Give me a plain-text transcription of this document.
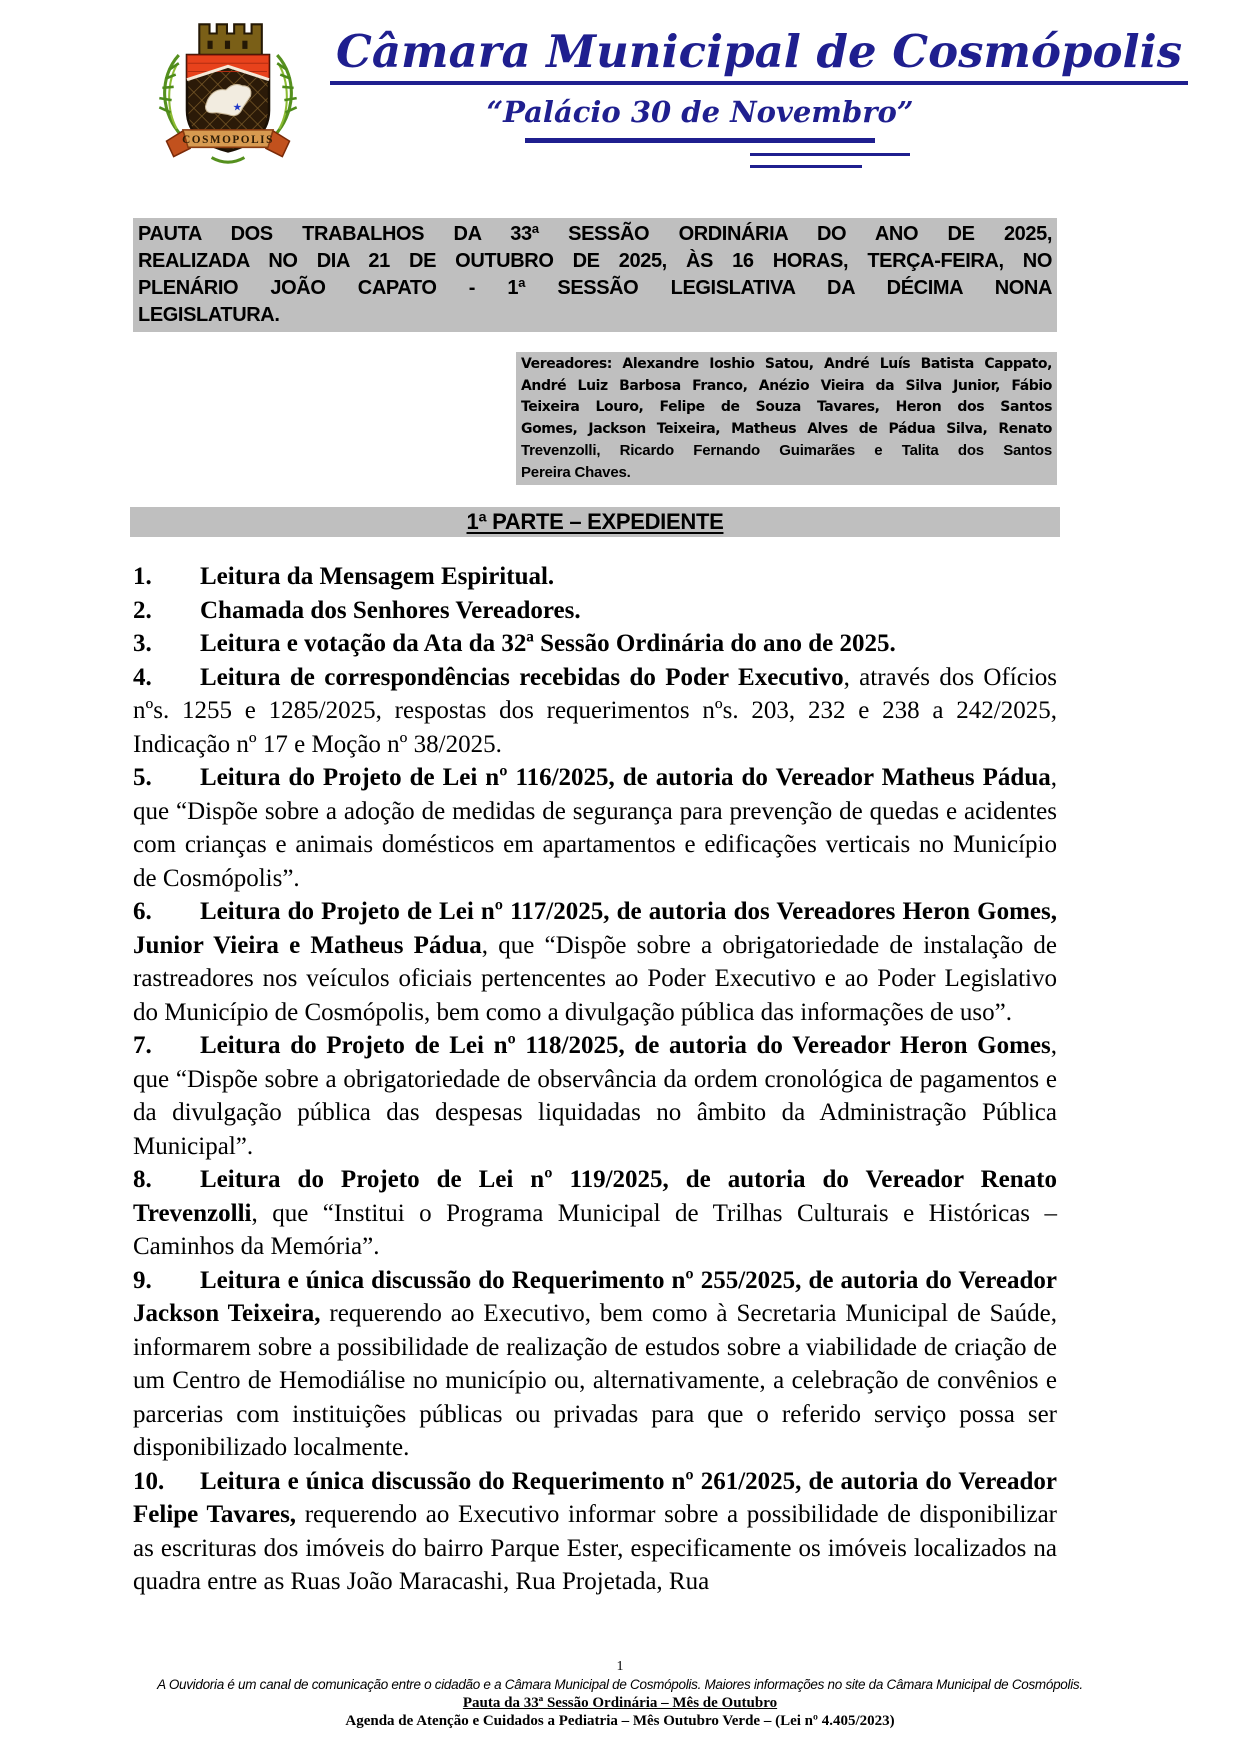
★
COSMOPOLIS
Câmara Municipal de Cosmópolis
“Palácio 30 de Novembro”
PAUTA DOS TRABALHOS DA 33ª SESSÃO ORDINÁRIA DO ANO DE 2025,
REALIZADA NO DIA 21 DE OUTUBRO DE 2025, ÀS 16 HORAS, TERÇA-FEIRA, NO
PLENÁRIO JOÃO CAPATO - 1ª SESSÃO LEGISLATIVA DA DÉCIMA NONA
LEGISLATURA.
Vereadores: Alexandre Ioshio Satou, André Luís Batista Cappato,
André Luiz Barbosa Franco, Anézio Vieira da Silva Junior, Fábio
Teixeira Louro, Felipe de Souza Tavares, Heron dos Santos
Gomes, Jackson Teixeira, Matheus Alves de Pádua Silva, Renato
Trevenzolli, Ricardo Fernando Guimarães e Talita dos Santos
Pereira Chaves.
1ª PARTE – EXPEDIENTE
1. Leitura da Mensagem Espiritual.
2. Chamada dos Senhores Vereadores.
3. Leitura e votação da Ata da 32ª Sessão Ordinária do ano de 2025.
4. Leitura de correspondências recebidas do Poder Executivo, através dos Ofícios nºs. 1255 e 1285/2025, respostas dos requerimentos nºs. 203, 232 e 238 a 242/2025, Indicação nº 17 e Moção nº 38/2025.
5. Leitura do Projeto de Lei nº 116/2025, de autoria do Vereador Matheus Pádua, que “Dispõe sobre a adoção de medidas de segurança para prevenção de quedas e acidentes com crianças e animais domésticos em apartamentos e edificações verticais no Município de Cosmópolis”.
6. Leitura do Projeto de Lei nº 117/2025, de autoria dos Vereadores Heron Gomes, Junior Vieira e Matheus Pádua, que “Dispõe sobre a obrigatoriedade de instalação de rastreadores nos veículos oficiais pertencentes ao Poder Executivo e ao Poder Legislativo do Município de Cosmópolis, bem como a divulgação pública das informações de uso”.
7. Leitura do Projeto de Lei nº 118/2025, de autoria do Vereador Heron Gomes, que “Dispõe sobre a obrigatoriedade de observância da ordem cronológica de pagamentos e da divulgação pública das despesas liquidadas no âmbito da Administração Pública Municipal”.
8. Leitura do Projeto de Lei nº 119/2025, de autoria do Vereador Renato Trevenzolli, que “Institui o Programa Municipal de Trilhas Culturais e Históricas – Caminhos da Memória”.
9. Leitura e única discussão do Requerimento nº 255/2025, de autoria do Vereador Jackson Teixeira, requerendo ao Executivo, bem como à Secretaria Municipal de Saúde, informarem sobre a possibilidade de realização de estudos sobre a viabilidade de criação de um Centro de Hemodiálise no município ou, alternativamente, a celebração de convênios e parcerias com instituições públicas ou privadas para que o referido serviço possa ser disponibilizado localmente.
10. Leitura e única discussão do Requerimento nº 261/2025, de autoria do Vereador Felipe Tavares, requerendo ao Executivo informar sobre a possibilidade de disponibilizar as escrituras dos imóveis do bairro Parque Ester, especificamente os imóveis localizados na quadra entre as Ruas João Maracashi, Rua Projetada, Rua
1
A Ouvidoria é um canal de comunicação entre o cidadão e a Câmara Municipal de Cosmópolis. Maiores informações no site da Câmara Municipal de Cosmópolis.
Pauta da 33ª Sessão Ordinária – Mês de Outubro
Agenda de Atenção e Cuidados a Pediatria – Mês Outubro Verde – (Lei nº 4.405/2023)
